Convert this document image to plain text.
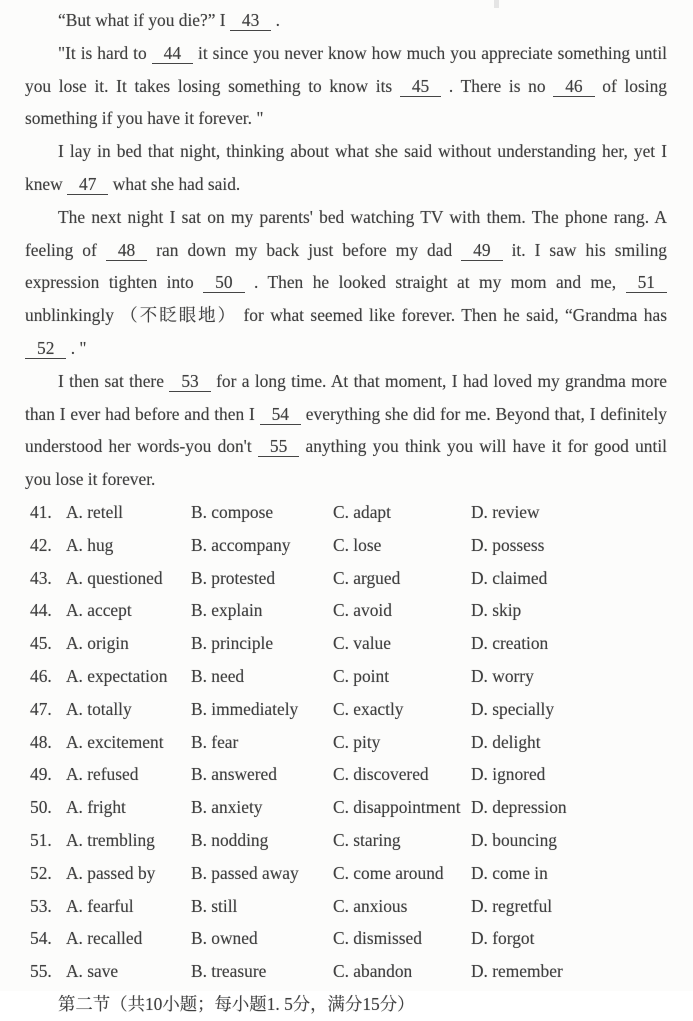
“But what if you die?” I 43 .

"It is hard to 44 it since you never know how much you appreciate something until you lose it. It takes losing something to know its 45 . There is no 46 of losing something if you have it forever. "

I lay in bed that night, thinking about what she said without understanding her, yet I knew 47 what she had said.

The next night I sat on my parents' bed watching TV with them. The phone rang. A feeling of 48 ran down my back just before my dad 49 it. I saw his smiling expression tighten into 50 . Then he looked straight at my mom and me, 51 unblinkingly （不眨眼地） for what seemed like forever. Then he said, “Grandma has 52 . "

I then sat there 53 for a long time. At that moment, I had loved my grandma more than I ever had before and then I 54 everything she did for me. Beyond that, I definitely understood her words-you don't 55 anything you think you will have it for good until you lose it forever.

41. A. retell	B. compose	C. adapt	D. review
42. A. hug	B. accompany	C. lose	D. possess
43. A. questioned	B. protested	C. argued	D. claimed
44. A. accept	B. explain	C. avoid	D. skip
45. A. origin	B. principle	C. value	D. creation
46. A. expectation	B. need	C. point	D. worry
47. A. totally	B. immediately	C. exactly	D. specially
48. A. excitement	B. fear	C. pity	D. delight
49. A. refused	B. answered	C. discovered	D. ignored
50. A. fright	B. anxiety	C. disappointment D. depression
51. A. trembling	B. nodding	C. staring	D. bouncing
52. A. passed by	B. passed away	C. come around	D. come in
53. A. fearful	B. still	C. anxious	D. regretful
54. A. recalled	B. owned	C. dismissed	D. forgot
55. A. save	B. treasure	C. abandon	D. remember

第二节（共10小题；每小题1. 5分，满分15分）
